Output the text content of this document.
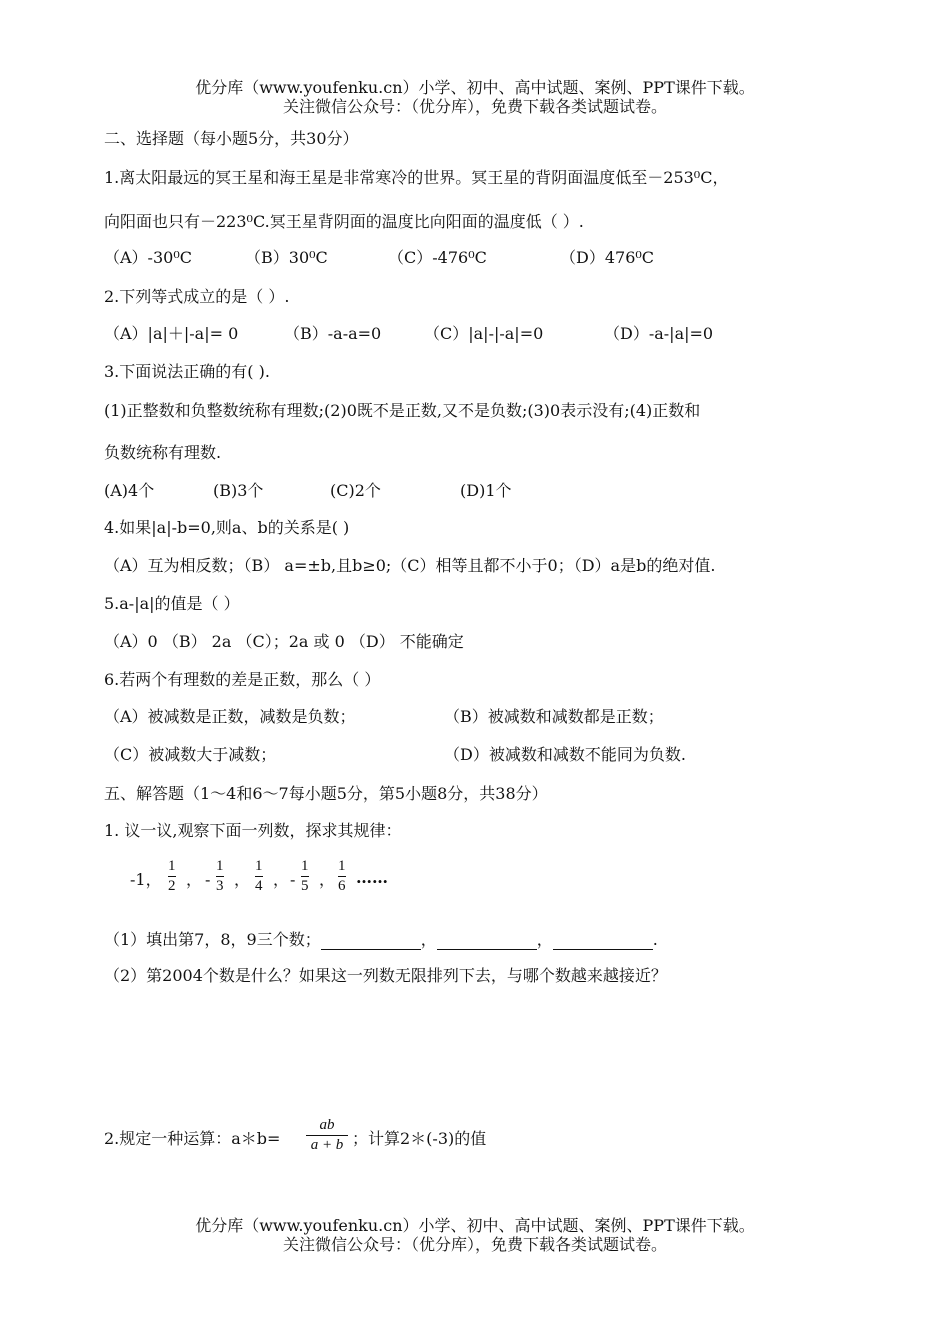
优分库（www.youfenku.cn）小学、初中、高中试题、案例、PPT课件下载。
关注微信公众号：（优分库），免费下载各类试题试卷。
二、选择题（每小题5分，共30分）
1.离太阳最远的冥王星和海王星是非常寒冷的世界。冥王星的背阴面温度低至－253⁰C，
向阳面也只有－223⁰C.冥王星背阴面的温度比向阳面的温度低（ ）.
（A）-30⁰C	（B）30⁰C	（C）-476⁰C	（D）476⁰C
2.下列等式成立的是（ ）.
（A）|a|＋|-a|= 0	（B）-a-a=0	（C）|a|-|-a|=0	（D）-a-|a|=0
3.下面说法正确的有( ).
(1)正整数和负整数统称有理数;(2)0既不是正数,又不是负数;(3)0表示没有;(4)正数和
负数统称有理数.
(A)4个	(B)3个	(C)2个	(D)1个
4.如果|a|-b=0,则a、b的关系是( )
（A）互为相反数；（B） a=±b,且b≥0;（C）相等且都不小于0；（D）a是b的绝对值.
5.a-|a|的值是（ ）
（A）0 （B） 2a （C）；2a 或 0 （D） 不能确定
6.若两个有理数的差是正数，那么（ ）
（A）被减数是正数，减数是负数；	（B）被减数和减数都是正数；
（C）被减数大于减数；	（D）被减数和减数不能同为负数.
五、解答题（1～4和6～7每小题5分，第5小题8分，共38分）
1. 议一议,观察下面一列数，探求其规律：
-1，
1
2 ， -
1
3 ，
1
4 ， -
1
5 ，
1
6 ……
（1）填出第7，8，9三个数；	，	，	.
（2）第2004个数是什么？如果这一列数无限排列下去，与哪个数越来越接近？
2.规定一种运算：a＊b=
ab
a + b ；计算2＊(-3)的值
优分库（www.youfenku.cn）小学、初中、高中试题、案例、PPT课件下载。
关注微信公众号：（优分库），免费下载各类试题试卷。
